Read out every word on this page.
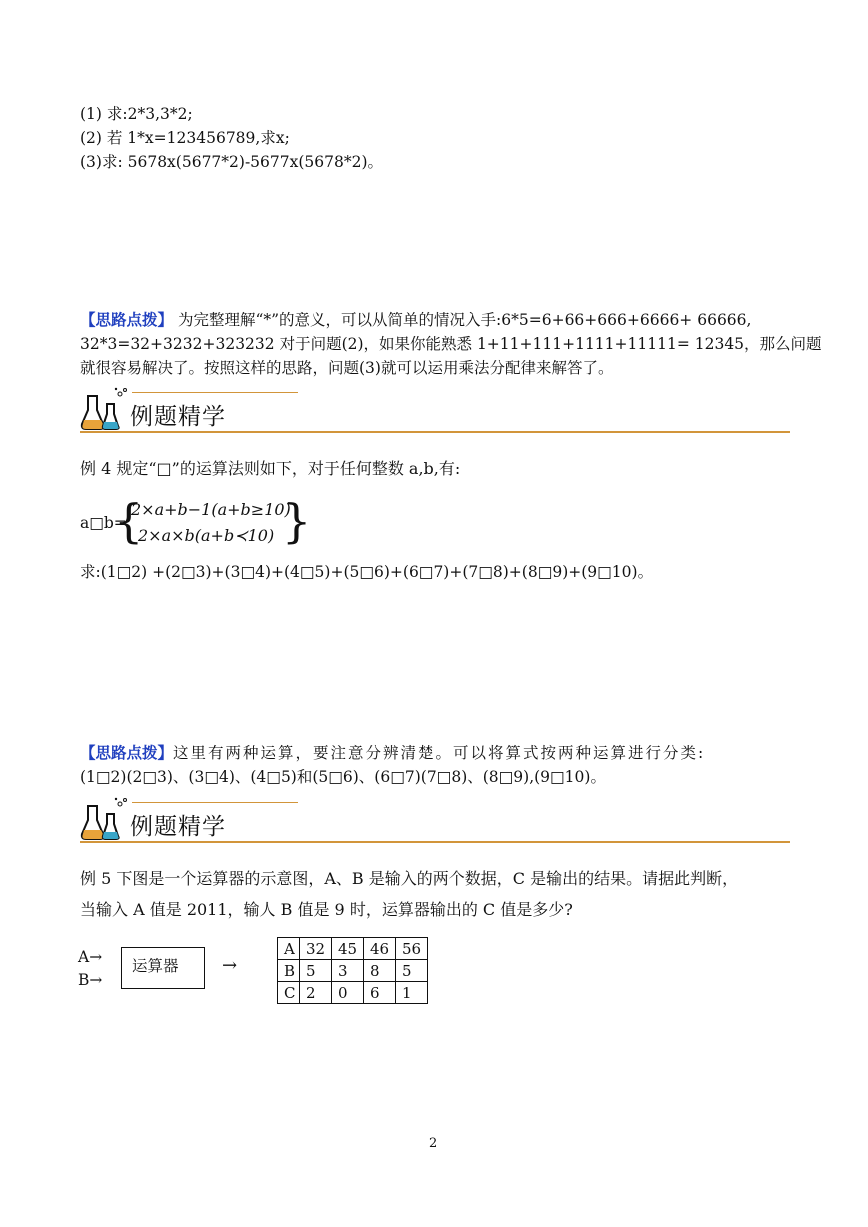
(1) 求:2*3,3*2;
(2) 若 1*x=123456789,求x;
(3)求: 5678x(5677*2)-5677x(5678*2)。
【思路点拨】 为完整理解“*”的意义，可以从简单的情况入手:6*5=6+66+666+6666+ 66666,
32*3=32+3232+323232 对于问题(2)，如果你能熟悉 1+11+111+1111+11111= 12345，那么问题
就很容易解决了。按照这样的思路，问题(3)就可以运用乘法分配律来解答了。
例题精学
例 4 规定“□”的运算法则如下，对于任何整数 a,b,有:
a□b=
{
2×a+b−1(a+b≥10)
2×a×b(a+b≺10) }
求:(1□2) +(2□3)+(3□4)+(4□5)+(5□6)+(6□7)+(7□8)+(8□9)+(9□10)。
【思路点拨】这里有两种运算，要注意分辨清楚。可以将算式按两种运算进行分类:
(1□2)(2□3)、(3□4)、(4□5)和(5□6)、(6□7)(7□8)、(8□9),(9□10)。
例题精学
例 5 下图是一个运算器的示意图，A、B 是输入的两个数据，C 是输出的结果。请据此判断，
当输入 A 值是 2011，输人 B 值是 9 时，运算器输出的 C 值是多少?
A→
B→
运算器 →
A	32	45	46	56
B	5	3	8	5
C	2	0	6	1
2
